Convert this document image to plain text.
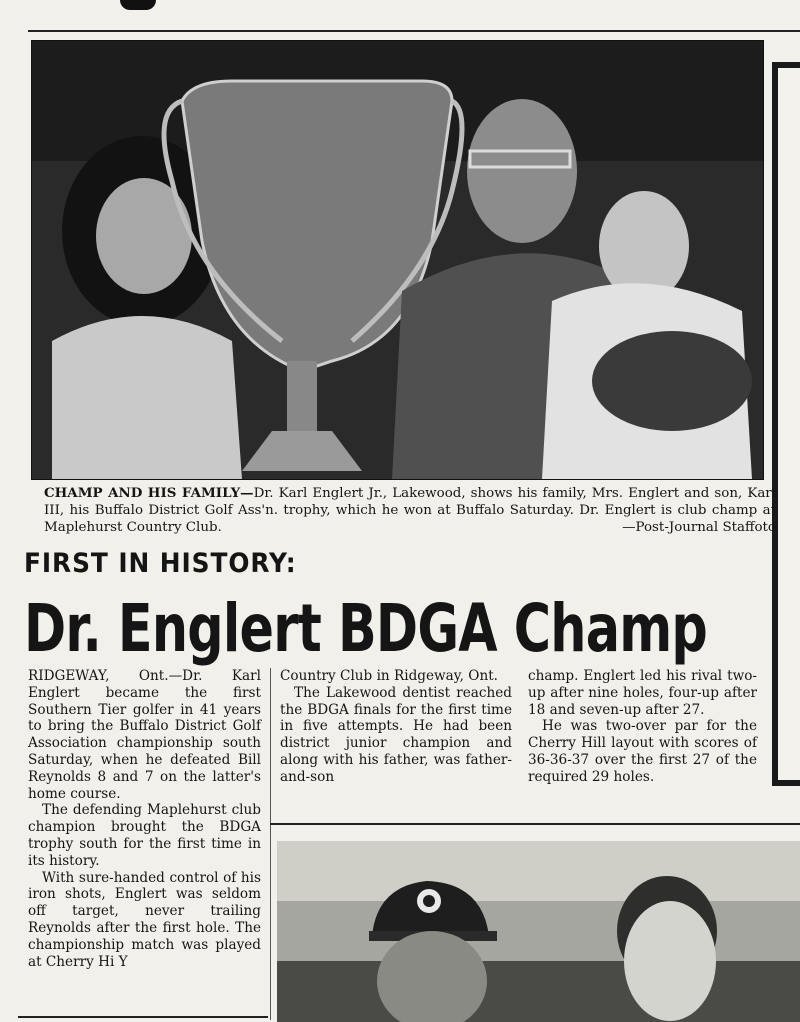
CHAMP AND HIS FAMILY—Dr. Karl Englert Jr., Lakewood, shows his family, Mrs. Englert and son, Karl III, his Buffalo District Golf Ass'n. trophy, which he won at Buffalo Saturday. Dr. Englert is club champ at Maplehurst Country Club.	—Post-Journal Staffoto
FIRST IN HISTORY:
Dr. Englert BDGA Champ

RIDGEWAY, Ont.—Dr. Karl Englert became the first Southern Tier golfer in 41 years to bring the Buffalo District Golf Association championship south Saturday, when he defeated Bill Reynolds 8 and 7 on the latter's home course.

The defending Maplehurst club champion brought the BDGA trophy south for the first time in its history.

With sure-handed control of his iron shots, Englert was seldom off target, never trailing Reynolds after the first hole. The championship match was played at Cherry Hi Y

Country Club in Ridgeway, Ont.

The Lakewood dentist reached the BDGA finals for the first time in five attempts. He had been district junior champion and along with his father, was father-and-son

champ. Englert led his rival two-up after nine holes, four-up after 18 and seven-up after 27.

He was two-over par for the Cherry Hill layout with scores of 36-36-37 over the first 27 of the required 29 holes.
